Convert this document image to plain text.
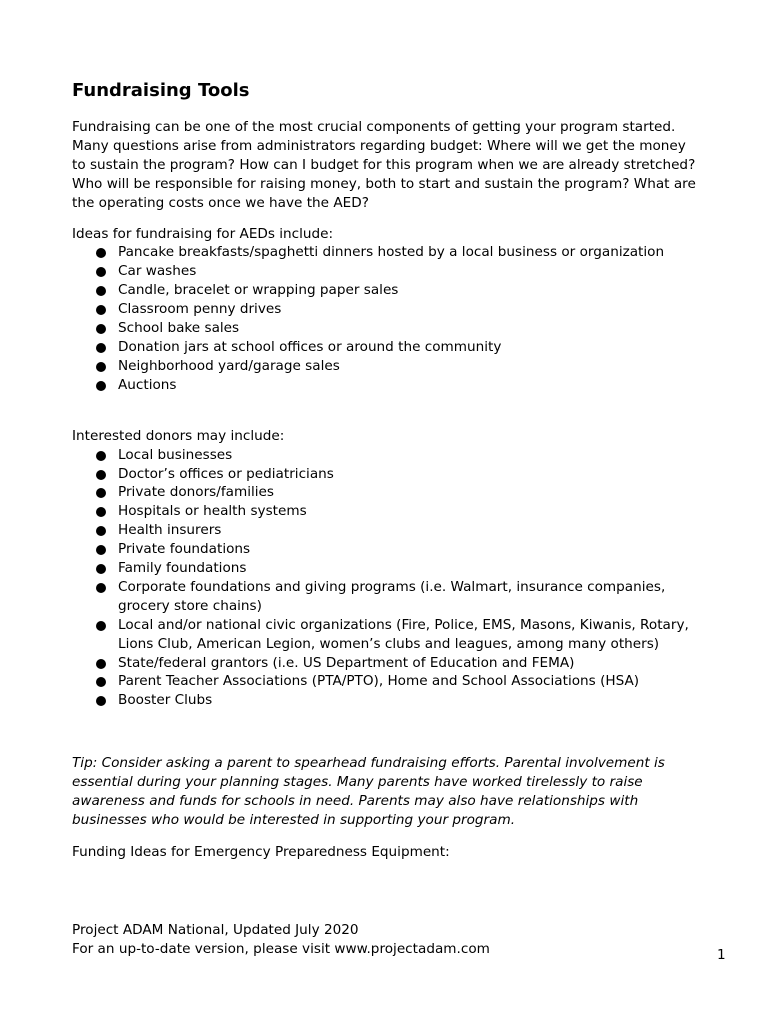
Fundraising Tools

Fundraising can be one of the most crucial components of getting your program started. Many questions arise from administrators regarding budget: Where will we get the money to sustain the program? How can I budget for this program when we are already stretched? Who will be responsible for raising money, both to start and sustain the program? What are the operating costs once we have the AED?

Ideas for fundraising for AEDs include:

Pancake breakfasts/spaghetti dinners hosted by a local business or organization
Car washes
Candle, bracelet or wrapping paper sales
Classroom penny drives
School bake sales
Donation jars at school offices or around the community
Neighborhood yard/garage sales
Auctions

Interested donors may include:

Local businesses
Doctor’s offices or pediatricians
Private donors/families
Hospitals or health systems
Health insurers
Private foundations
Family foundations
Corporate foundations and giving programs (i.e. Walmart, insurance companies, grocery store chains)
Local and/or national civic organizations (Fire, Police, EMS, Masons, Kiwanis, Rotary, Lions Club, American Legion, women’s clubs and leagues, among many others)
State/federal grantors (i.e. US Department of Education and FEMA)
Parent Teacher Associations (PTA/PTO), Home and School Associations (HSA)
Booster Clubs

Tip: Consider asking a parent to spearhead fundraising efforts. Parental involvement is essential during your planning stages. Many parents have worked tirelessly to raise awareness and funds for schools in need. Parents may also have relationships with businesses who would be interested in supporting your program.

Funding Ideas for Emergency Preparedness Equipment:

Project ADAM National, Updated July 2020

For an up-to-date version, please visit www.projectadam.com	1
